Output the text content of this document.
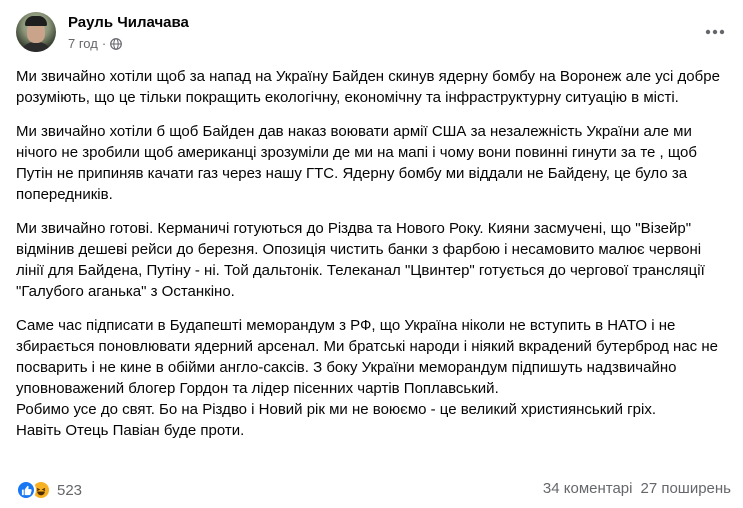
Рауль Чилачава
7 год ·

Ми звичайно хотіли щоб за напад на Україну Байден скинув ядерну бомбу на Воронеж але усі добре розуміють, що це тільки покращить екологічну, економічну та інфраструктурну ситуацію в місті.

Ми звичайно хотіли б щоб Байден дав наказ воювати армії США за незалежність України але ми нічого не зробили щоб американці зрозуміли де ми на мапі і чому вони повинні гинути за те , щоб Путін не припиняв качати газ через нашу ГТС. Ядерну бомбу ми віддали не Байдену, це було за попередників.

Ми звичайно готові. Керманичі готуються до Різдва та Нового Року. Кияни засмучені, що "Візейр" відмінив дешеві рейси до березня. Опозиція чистить банки з фарбою і несамовито малює червоні лінії для Байдена, Путіну - ні. Той дальтонік. Телеканал "Цвинтер" готується до чергової трансляції "Галубого аганька" з Останкіно.

Саме час підписати в Будапешті меморандум з РФ, що Україна ніколи не вступить в НАТО і не збирається поновлювати ядерний арсенал. Ми братські народи і ніякий вкрадений бутерброд нас не посварить і не кине в обійми англо-саксів. З боку України меморандум підпишуть надзвичайно уповноважений блогер Гордон та лідер пісенних чартів Поплавський.

Робимо усе до свят. Бо на Різдво і Новий рік ми не воюємо - це великий християнський гріх.

Навіть Отець Павіан буде проти.

523	34 коментарі 27 поширень
